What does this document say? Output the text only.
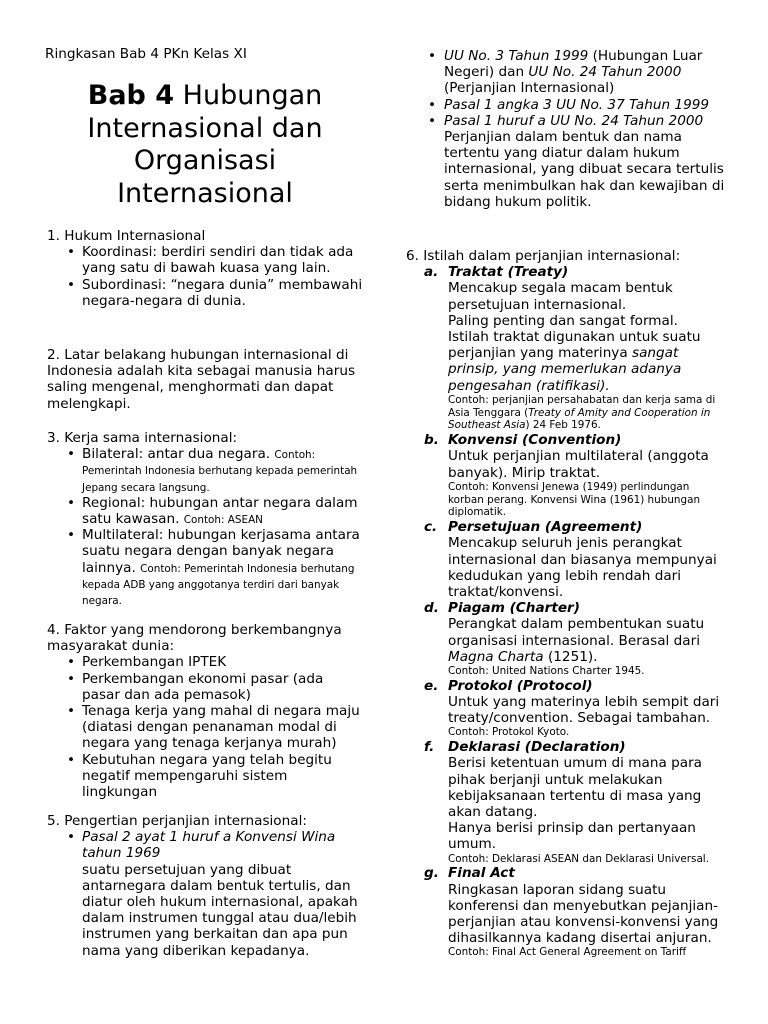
Ringkasan Bab 4 PKn Kelas XI
Bab 4 Hubungan Internasional dan Organisasi Internasional
1. Hukum Internasional
• Koordinasi: berdiri sendiri dan tidak ada yang satu di bawah kuasa yang lain.
• Subordinasi: “negara dunia” membawahi negara-negara di dunia.
2. Latar belakang hubungan internasional di Indonesia adalah kita sebagai manusia harus saling mengenal, menghormati dan dapat melengkapi.
3. Kerja sama internasional:
• Bilateral: antar dua negara. Contoh: Pemerintah Indonesia berhutang kepada pemerintah Jepang secara langsung.
• Regional: hubungan antar negara dalam satu kawasan. Contoh: ASEAN
• Multilateral: hubungan kerjasama antara suatu negara dengan banyak negara lainnya. Contoh: Pemerintah Indonesia berhutang kepada ADB yang anggotanya terdiri dari banyak negara.
4. Faktor yang mendorong berkembangnya masyarakat dunia:
• Perkembangan IPTEK
• Perkembangan ekonomi pasar (ada pasar dan ada pemasok)
• Tenaga kerja yang mahal di negara maju (diatasi dengan penanaman modal di negara yang tenaga kerjanya murah)
• Kebutuhan negara yang telah begitu negatif mempengaruhi sistem lingkungan
5. Pengertian perjanjian internasional:
• Pasal 2 ayat 1 huruf a Konvensi Wina tahun 1969
suatu persetujuan yang dibuat antarnegara dalam bentuk tertulis, dan diatur oleh hukum internasional, apakah dalam instrumen tunggal atau dua/lebih instrumen yang berkaitan dan apa pun nama yang diberikan kepadanya.
• UU No. 3 Tahun 1999 (Hubungan Luar Negeri) dan UU No. 24 Tahun 2000 (Perjanjian Internasional)
• Pasal 1 angka 3 UU No. 37 Tahun 1999
• Pasal 1 huruf a UU No. 24 Tahun 2000
Perjanjian dalam bentuk dan nama tertentu yang diatur dalam hukum internasional, yang dibuat secara tertulis serta menimbulkan hak dan kewajiban di bidang hukum politik.
6. Istilah dalam perjanjian internasional:
a. Traktat (Treaty)
Mencakup segala macam bentuk persetujuan internasional.
Paling penting dan sangat formal.
Istilah traktat digunakan untuk suatu perjanjian yang materinya sangat prinsip, yang memerlukan adanya pengesahan (ratifikasi).
Contoh: perjanjian persahabatan dan kerja sama di Asia Tenggara (Treaty of Amity and Cooperation in Southeast Asia) 24 Feb 1976.
b. Konvensi (Convention)
Untuk perjanjian multilateral (anggota banyak). Mirip traktat.
Contoh: Konvensi Jenewa (1949) perlindungan korban perang. Konvensi Wina (1961) hubungan diplomatik.
c. Persetujuan (Agreement)
Mencakup seluruh jenis perangkat internasional dan biasanya mempunyai kedudukan yang lebih rendah dari traktat/konvensi.
d. Piagam (Charter)
Perangkat dalam pembentukan suatu organisasi internasional. Berasal dari Magna Charta (1251).
Contoh: United Nations Charter 1945.
e. Protokol (Protocol)
Untuk yang materinya lebih sempit dari treaty/convention. Sebagai tambahan.
Contoh: Protokol Kyoto.
f. Deklarasi (Declaration)
Berisi ketentuan umum di mana para pihak berjanji untuk melakukan kebijaksanaan tertentu di masa yang akan datang.
Hanya berisi prinsip dan pertanyaan umum.
Contoh: Deklarasi ASEAN dan Deklarasi Universal.
g. Final Act
Ringkasan laporan sidang suatu konferensi dan menyebutkan pejanjian-perjanjian atau konvensi-konvensi yang dihasilkannya kadang disertai anjuran.
Contoh: Final Act General Agreement on Tariff
